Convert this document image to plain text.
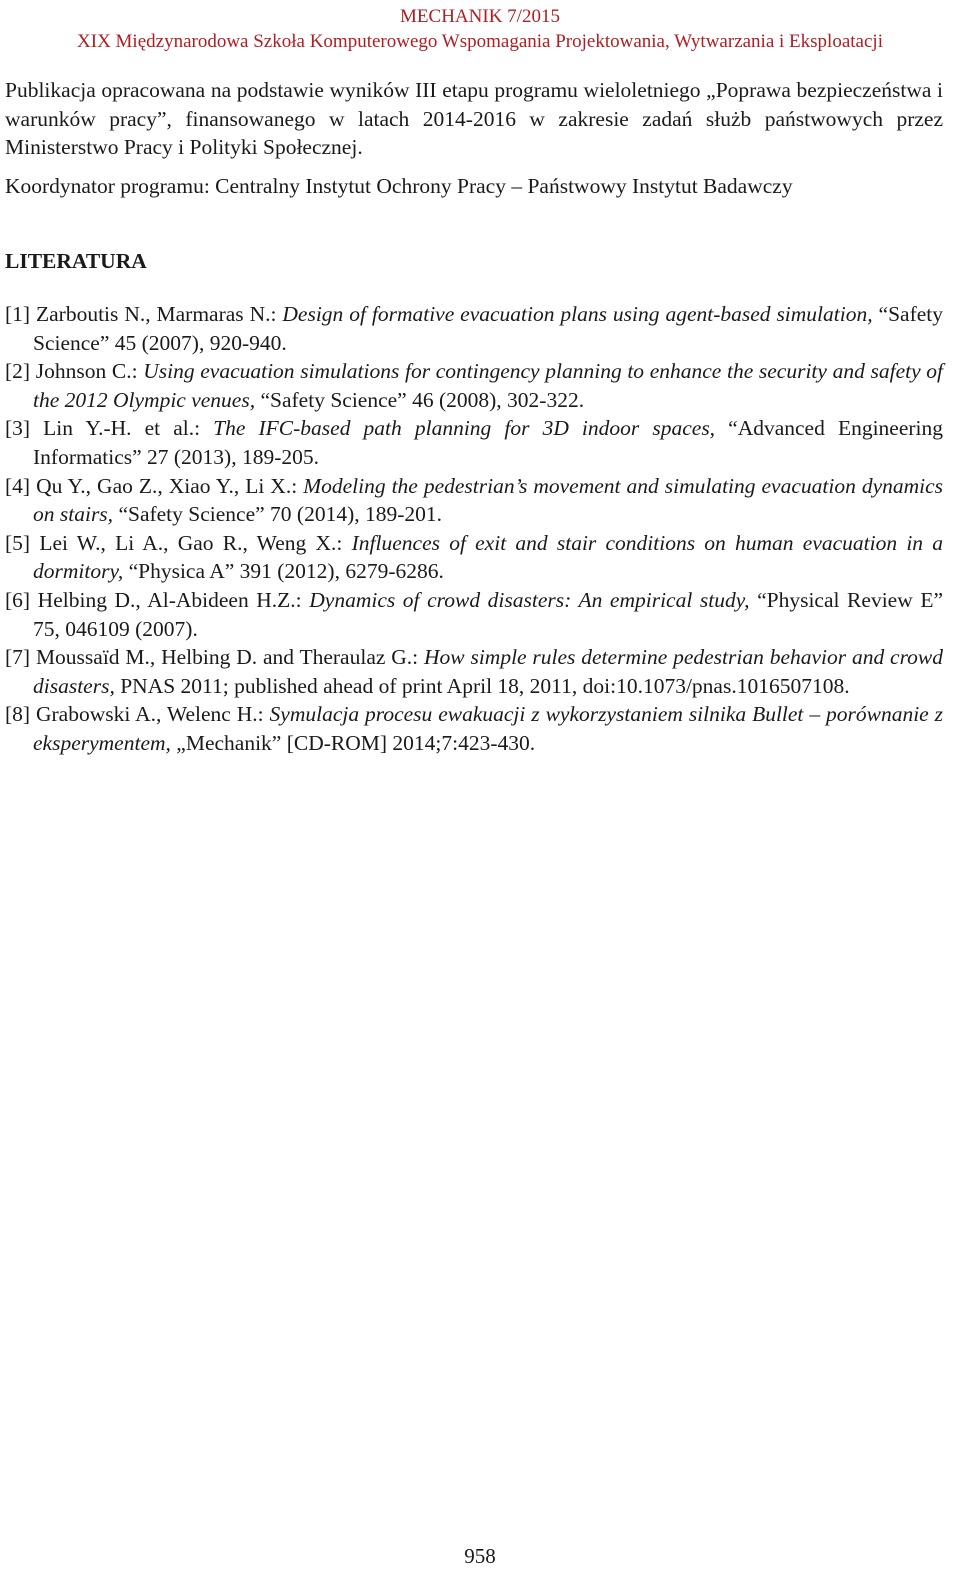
MECHANIK 7/2015
XIX Międzynarodowa Szkoła Komputerowego Wspomagania Projektowania, Wytwarzania i Eksploatacji

Publikacja opracowana na podstawie wyników III etapu programu wieloletniego „Poprawa bezpieczeństwa i warunków pracy”, finansowanego w latach 2014-2016 w zakresie zadań służb państwowych przez Ministerstwo Pracy i Polityki Społecznej.

Koordynator programu: Centralny Instytut Ochrony Pracy – Państwowy Instytut Badawczy

LITERATURA
[1] Zarboutis N., Marmaras N.: Design of formative evacuation plans using agent-based simulation, “Safety Science” 45 (2007), 920-940.
[2] Johnson C.: Using evacuation simulations for contingency planning to enhance the security and safety of the 2012 Olympic venues, “Safety Science” 46 (2008), 302-322.
[3] Lin Y.-H. et al.: The IFC-based path planning for 3D indoor spaces, “Advanced Engineering Informatics” 27 (2013), 189-205.
[4] Qu Y., Gao Z., Xiao Y., Li X.: Modeling the pedestrian’s movement and simulating evacuation dynamics on stairs, “Safety Science” 70 (2014), 189-201.
[5] Lei W., Li A., Gao R., Weng X.: Influences of exit and stair conditions on human evacuation in a dormitory, “Physica A” 391 (2012), 6279-6286.
[6] Helbing D., Al-Abideen H.Z.: Dynamics of crowd disasters: An empirical study, “Physical Review E” 75, 046109 (2007).
[7] Moussaïd M., Helbing D. and Theraulaz G.: How simple rules determine pedestrian behavior and crowd disasters, PNAS 2011; published ahead of print April 18, 2011, doi:10.1073/pnas.1016507108.
[8] Grabowski A., Welenc H.: Symulacja procesu ewakuacji z wykorzystaniem silnika Bullet – porównanie z eksperymentem, „Mechanik” [CD-ROM] 2014;7:423-430.
958
